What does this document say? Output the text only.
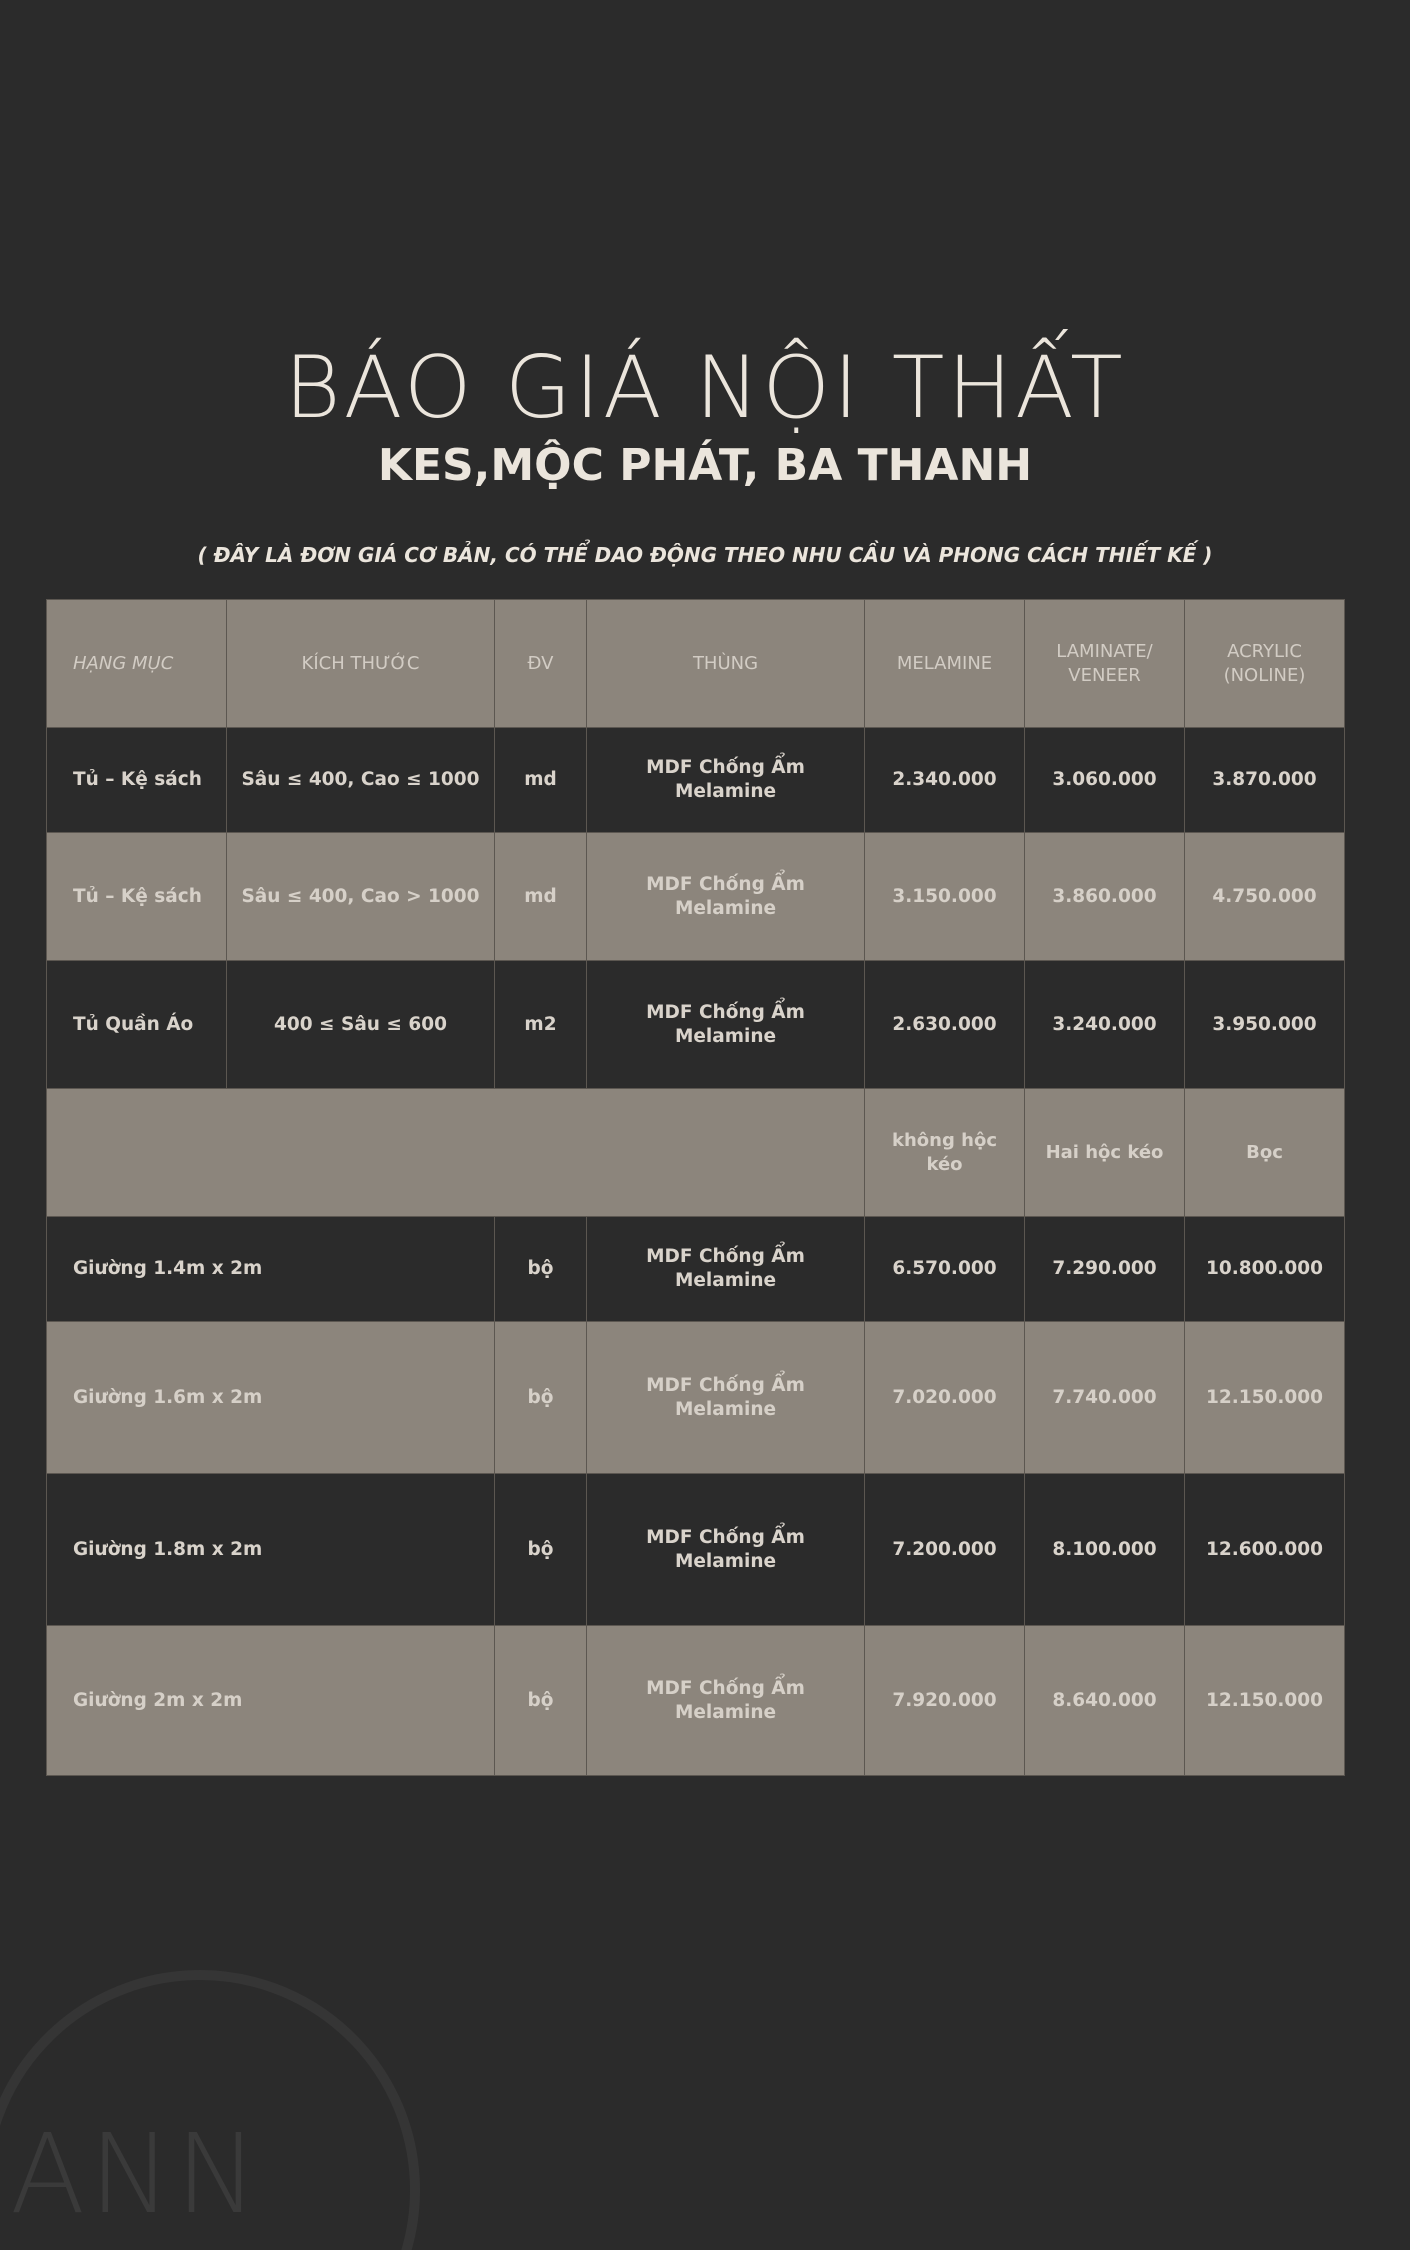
BÁO GIÁ NỘI THẤT
KES,MỘC PHÁT, BA THANH

( ĐÂY LÀ ĐƠN GIÁ CƠ BẢN, CÓ THỂ DAO ĐỘNG THEO NHU CẦU VÀ PHONG CÁCH THIẾT KẾ )

HẠNG MỤC	KÍCH THƯỚC	ĐV	THÙNG	MELAMINE	LAMINATE/ VENEER	ACRYLIC (NOLINE)
Tủ – Kệ sách	Sâu ≤ 400, Cao ≤ 1000	md	MDF Chống Ẩm Melamine	2.340.000	3.060.000	3.870.000
Tủ – Kệ sách	Sâu ≤ 400, Cao > 1000	md	MDF Chống Ẩm Melamine	3.150.000	3.860.000	4.750.000
Tủ Quần Áo	400 ≤ Sâu ≤ 600	m2	MDF Chống Ẩm Melamine	2.630.000	3.240.000	3.950.000
				không hộc kéo	Hai hộc kéo	Bọc
Giường 1.4m x 2m		bộ	MDF Chống Ẩm Melamine	6.570.000	7.290.000	10.800.000
Giường 1.6m x 2m		bộ	MDF Chống Ẩm Melamine	7.020.000	7.740.000	12.150.000
Giường 1.8m x 2m		bộ	MDF Chống Ẩm Melamine	7.200.000	8.100.000	12.600.000
Giường 2m x 2m		bộ	MDF Chống Ẩm Melamine	7.920.000	8.640.000	12.150.000
ANN
